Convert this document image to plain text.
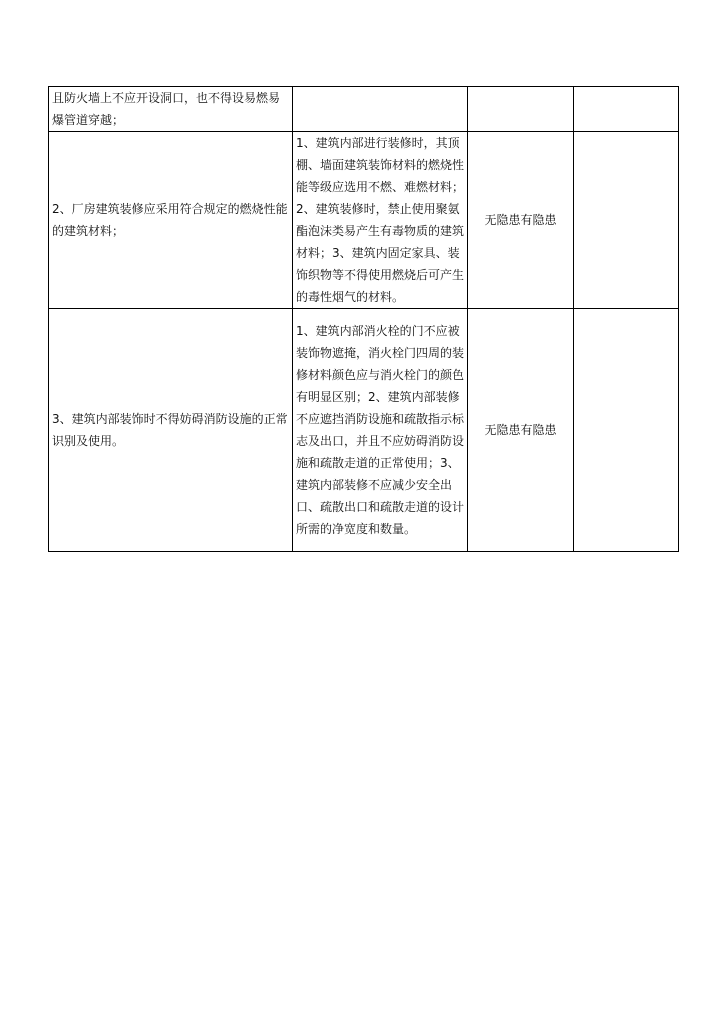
且防火墙上不应开设洞口，也不得设易燃易爆管道穿越；			
2、厂房建筑装修应采用符合规定的燃烧性能的建筑材料；	1、建筑内部进行装修时，其顶棚、墙面建筑装饰材料的燃烧性能等级应选用不燃、难燃材料；2、建筑装修时，禁止使用聚氨酯泡沫类易产生有毒物质的建筑材料；3、建筑内固定家具、装饰织物等不得使用燃烧后可产生的毒性烟气的材料。	无隐患有隐患	
3、建筑内部装饰时不得妨碍消防设施的正常识别及使用。	1、建筑内部消火栓的门不应被装饰物遮掩，消火栓门四周的装修材料颜色应与消火栓门的颜色有明显区别；2、建筑内部装修不应遮挡消防设施和疏散指示标志及出口，并且不应妨碍消防设施和疏散走道的正常使用；3、建筑内部装修不应减少安全出口、疏散出口和疏散走道的设计所需的净宽度和数量。	无隐患有隐患	
